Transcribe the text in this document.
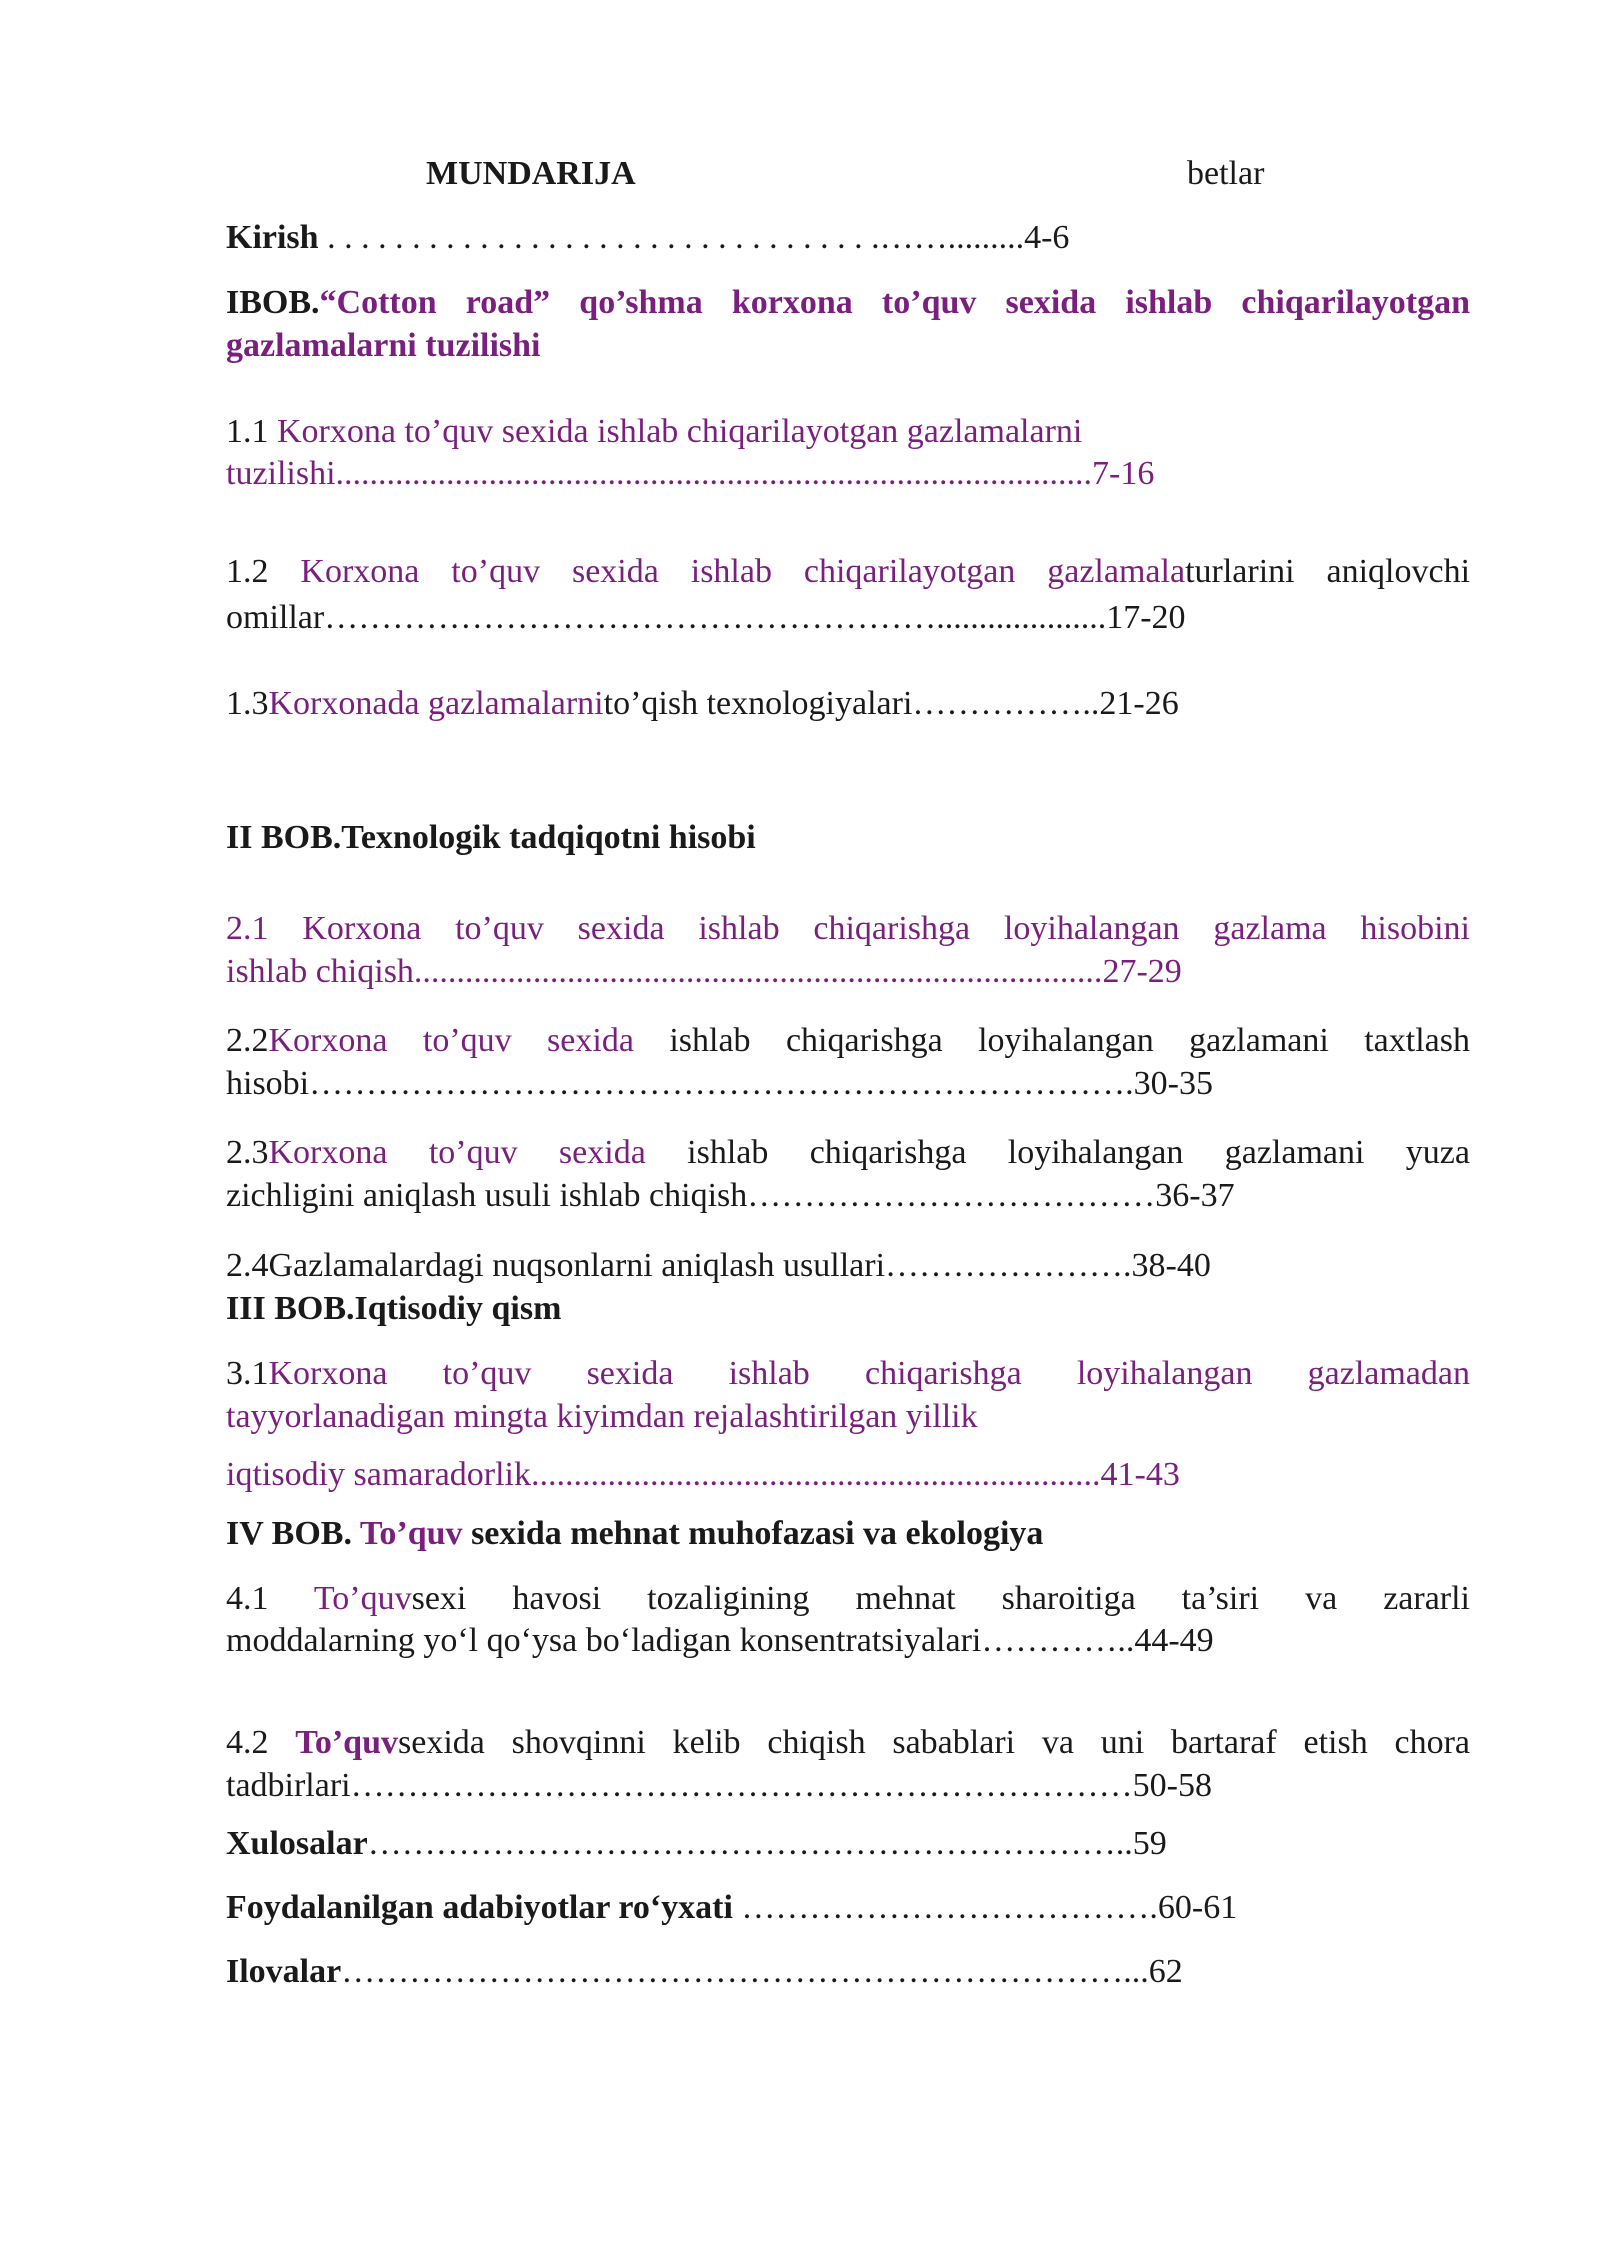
MUNDARIJA	betlar
Kirish . . . . . . . . . . . . . . . . . . . . . . . . . . . . . . . . .…….........4-6
IBOB.“Cotton road” qo’shma korxona to’quv sexida ishlab chiqarilayotgan
gazlamalarni tuzilishi
1.1 Korxona to’quv sexida ishlab chiqarilayotgan gazlamalarni
tuzilishi.........................................................................................7-16
1.2 Korxona to’quv sexida ishlab chiqarilayotgan gazlamalaturlarini aniqlovchi
omillar………………………………………………....................17-20
1.3Korxonada gazlamalarnito’qish texnologiyalari……………..21-26
II BOB.Texnologik tadqiqotni hisobi
2.1 Korxona to’quv sexida ishlab chiqarishga loyihalangan gazlama hisobini
ishlab chiqish.................................................................................27-29
2.2Korxona to’quv sexida ishlab chiqarishga loyihalangan gazlamani taxtlash
hisobi……………………………………………………………….30-35
2.3Korxona to’quv sexida ishlab chiqarishga loyihalangan gazlamani yuza
zichligini aniqlash usuli ishlab chiqish………………………………36-37
2.4Gazlamalardagi nuqsonlarni aniqlash usullari………………….38-40
III BOB.Iqtisodiy qism
3.1Korxona to’quv sexida ishlab chiqarishga loyihalangan gazlamadan
tayyorlanadigan mingta kiyimdan rejalashtirilgan yillik
iqtisodiy samaradorlik...................................................................41-43
IV BOB. To’quv sexida mehnat muhofazasi va ekologiya
4.1 To’quvsexi havosi tozaligining mehnat sharoitiga ta’siri va zararli
moddalarning yo‘l qo‘ysa bo‘ladigan konsentratsiyalari…………..44-49
4.2 To’quvsexida shovqinni kelib chiqish sabablari va uni bartaraf etish chora
tadbirlari……………………………………………………………50-58
Xulosalar…………………………………………………………..59
Foydalanilgan adabiyotlar ro‘yxati ……………………………….60-61
Ilovalar……………………………………………………………...62
